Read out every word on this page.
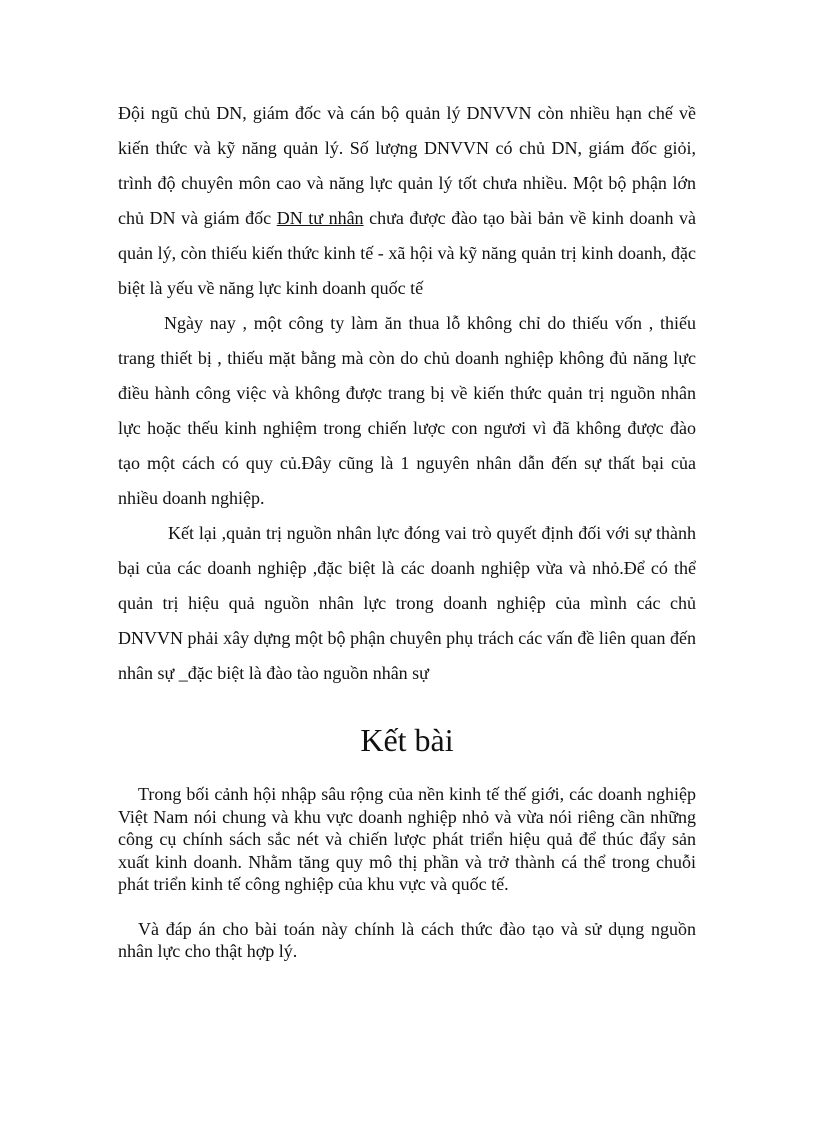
Đội ngũ chủ DN, giám đốc và cán bộ quản lý DNVVN còn nhiều hạn chế về kiến thức và kỹ năng quản lý. Số lượng DNVVN có chủ DN, giám đốc giỏi, trình độ chuyên môn cao và năng lực quản lý tốt chưa nhiều. Một bộ phận lớn chủ DN và giám đốc DN tư nhân chưa được đào tạo bài bản về kinh doanh và quản lý, còn thiếu kiến thức kinh tế - xã hội và kỹ năng quản trị kinh doanh, đặc biệt là yếu về năng lực kinh doanh quốc tế

Ngày nay , một công ty làm ăn thua lỗ không chỉ do thiếu vốn , thiếu trang thiết bị , thiếu mặt bằng mà còn do chủ doanh nghiệp không đủ năng lực điều hành công việc và không được trang bị về kiến thức quản trị nguồn nhân lực hoặc thếu kinh nghiệm trong chiến lược con ngươi vì đã không được đào tạo một cách có quy củ.Đây cũng là 1 nguyên nhân dẫn đến sự thất bại của nhiều doanh nghiệp.

Kết lại ,quản trị nguồn nhân lực đóng vai trò quyết định đối với sự thành bại của các doanh nghiệp ,đặc biệt là các doanh nghiệp vừa và nhỏ.Để có thể quản trị hiệu quả nguồn nhân lực trong doanh nghiệp của mình các chủ DNVVN phải xây dựng một bộ phận chuyên phụ trách các vấn đề liên quan đến nhân sự _đặc biệt là đào tào nguồn nhân sự

Kết bài

Trong bối cảnh hội nhập sâu rộng của nền kinh tế thế giới, các doanh nghiệp Việt Nam nói chung và khu vực doanh nghiệp nhỏ và vừa nói riêng cần những công cụ chính sách sắc nét và chiến lược phát triển hiệu quả để thúc đẩy sản xuất kinh doanh. Nhằm tăng quy mô thị phần và trở thành cá thể trong chuỗi phát triển kinh tế công nghiệp của khu vực và quốc tế.

Và đáp án cho bài toán này chính là cách thức đào tạo và sử dụng nguồn nhân lực cho thật hợp lý.
